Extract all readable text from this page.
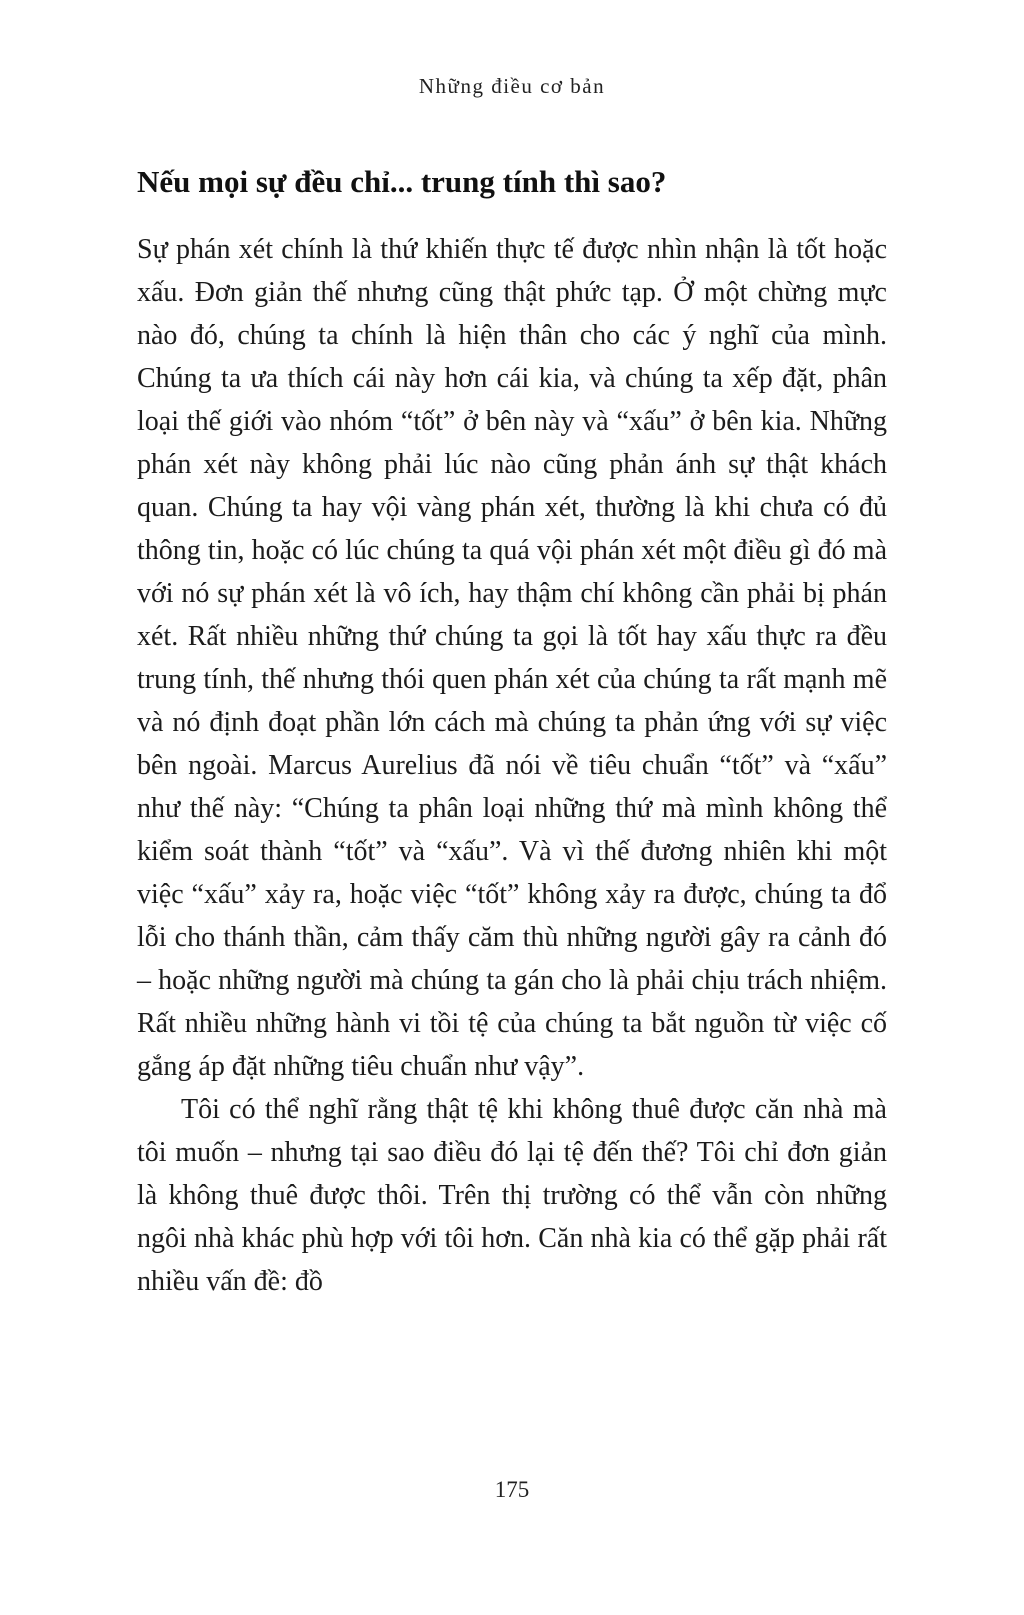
Những điều cơ bản
Nếu mọi sự đều chỉ... trung tính thì sao?

Sự phán xét chính là thứ khiến thực tế được nhìn nhận là tốt hoặc xấu. Đơn giản thế nhưng cũng thật phức tạp. Ở một chừng mực nào đó, chúng ta chính là hiện thân cho các ý nghĩ của mình. Chúng ta ưa thích cái này hơn cái kia, và chúng ta xếp đặt, phân loại thế giới vào nhóm “tốt” ở bên này và “xấu” ở bên kia. Những phán xét này không phải lúc nào cũng phản ánh sự thật khách quan. Chúng ta hay vội vàng phán xét, thường là khi chưa có đủ thông tin, hoặc có lúc chúng ta quá vội phán xét một điều gì đó mà với nó sự phán xét là vô ích, hay thậm chí không cần phải bị phán xét. Rất nhiều những thứ chúng ta gọi là tốt hay xấu thực ra đều trung tính, thế nhưng thói quen phán xét của chúng ta rất mạnh mẽ và nó định đoạt phần lớn cách mà chúng ta phản ứng với sự việc bên ngoài. Marcus Aurelius đã nói về tiêu chuẩn “tốt” và “xấu” như thế này: “Chúng ta phân loại những thứ mà mình không thể kiểm soát thành “tốt” và “xấu”. Và vì thế đương nhiên khi một việc “xấu” xảy ra, hoặc việc “tốt” không xảy ra được, chúng ta đổ lỗi cho thánh thần, cảm thấy căm thù những người gây ra cảnh đó – hoặc những người mà chúng ta gán cho là phải chịu trách nhiệm. Rất nhiều những hành vi tồi tệ của chúng ta bắt nguồn từ việc cố gắng áp đặt những tiêu chuẩn như vậy”.

Tôi có thể nghĩ rằng thật tệ khi không thuê được căn nhà mà tôi muốn – nhưng tại sao điều đó lại tệ đến thế? Tôi chỉ đơn giản là không thuê được thôi. Trên thị trường có thể vẫn còn những ngôi nhà khác phù hợp với tôi hơn. Căn nhà kia có thể gặp phải rất nhiều vấn đề: đồ

175
